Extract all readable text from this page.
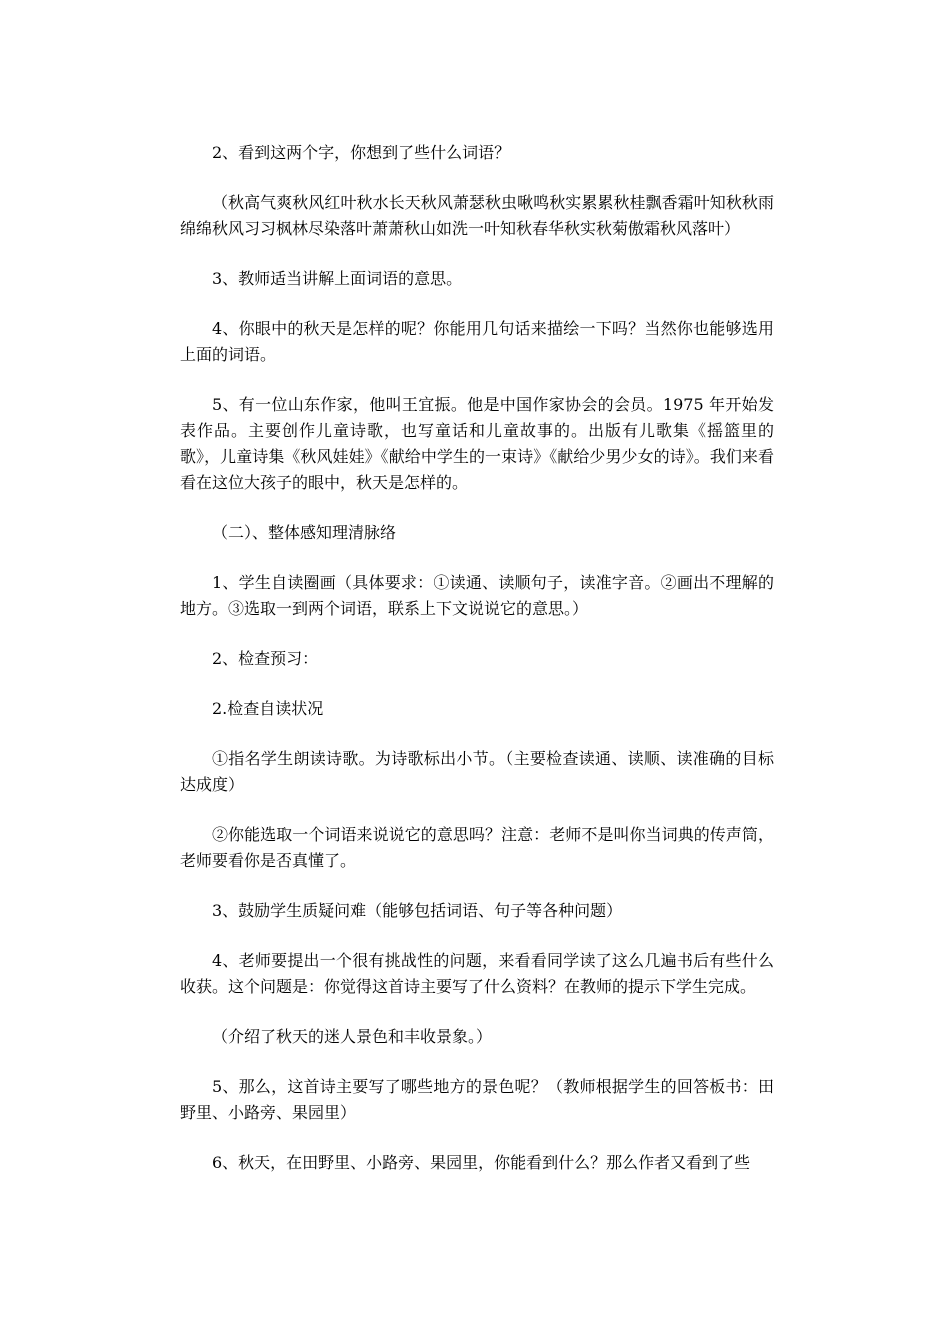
2、看到这两个字，你想到了些什么词语？

（秋高气爽秋风红叶秋水长天秋风萧瑟秋虫啾鸣秋实累累秋桂飘香霜叶知秋秋雨绵绵秋风习习枫林尽染落叶萧萧秋山如洗一叶知秋春华秋实秋菊傲霜秋风落叶）

3、教师适当讲解上面词语的意思。

4、你眼中的秋天是怎样的呢？你能用几句话来描绘一下吗？当然你也能够选用上面的词语。

5、有一位山东作家，他叫王宜振。他是中国作家协会的会员。1975 年开始发表作品。主要创作儿童诗歌，也写童话和儿童故事的。出版有儿歌集《摇篮里的歌》，儿童诗集《秋风娃娃》《献给中学生的一束诗》《献给少男少女的诗》。我们来看看在这位大孩子的眼中，秋天是怎样的。

（二）、整体感知理清脉络

1、学生自读圈画（具体要求：①读通、读顺句子，读准字音。②画出不理解的地方。③选取一到两个词语，联系上下文说说它的意思。）

2、检查预习：

2.检查自读状况

①指名学生朗读诗歌。为诗歌标出小节。（主要检查读通、读顺、读准确的目标达成度）

②你能选取一个词语来说说它的意思吗？注意：老师不是叫你当词典的传声筒，老师要看你是否真懂了。

3、鼓励学生质疑问难（能够包括词语、句子等各种问题）

4、老师要提出一个很有挑战性的问题，来看看同学读了这么几遍书后有些什么收获。这个问题是：你觉得这首诗主要写了什么资料？在教师的提示下学生完成。

（介绍了秋天的迷人景色和丰收景象。）

5、那么，这首诗主要写了哪些地方的景色呢？（教师根据学生的回答板书：田野里、小路旁、果园里）

6、秋天，在田野里、小路旁、果园里，你能看到什么？那么作者又看到了些
